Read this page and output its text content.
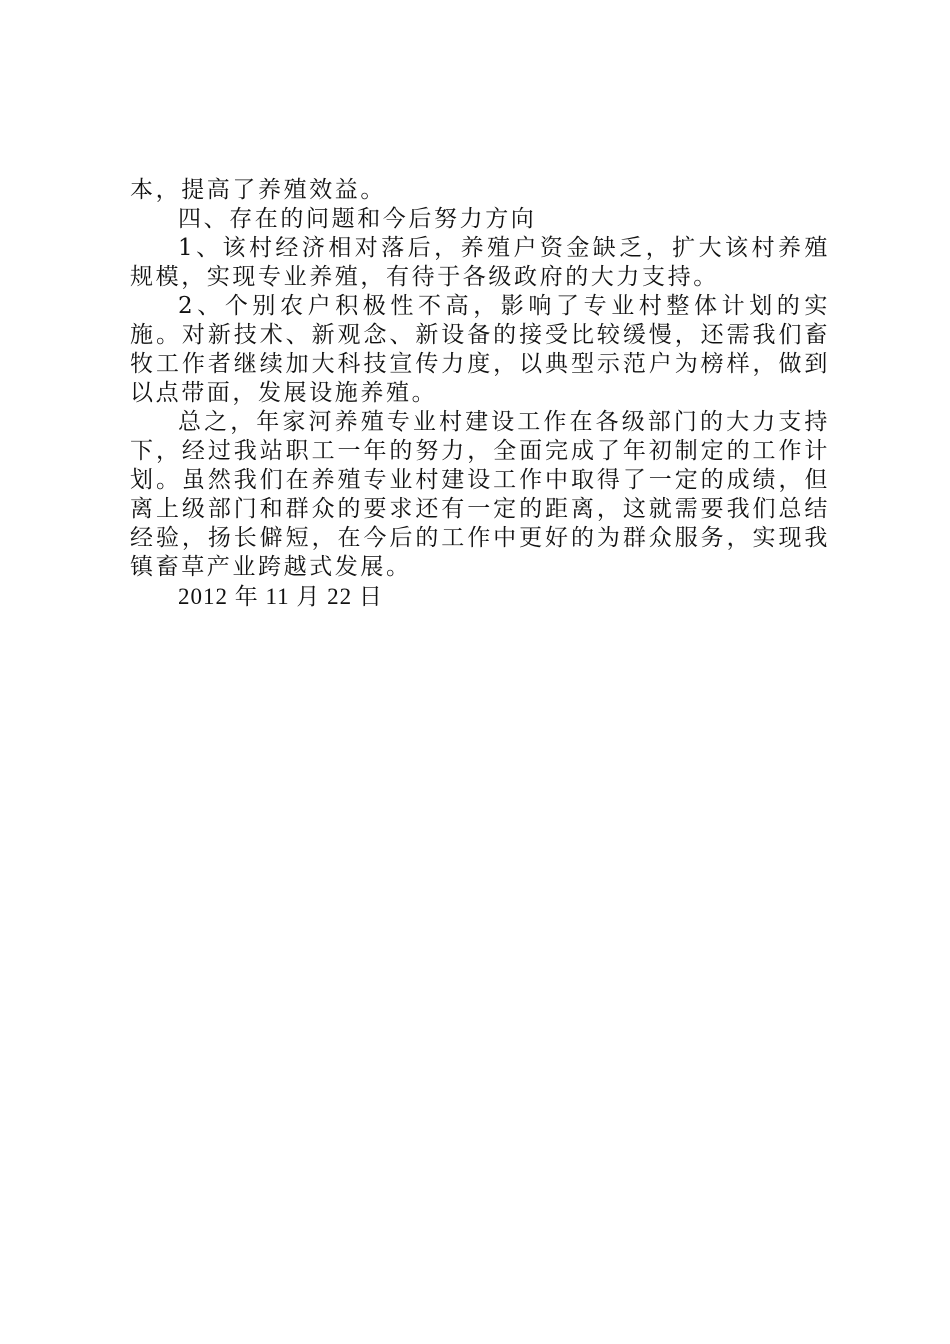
本，提高了养殖效益。

四、存在的问题和今后努力方向

1、该村经济相对落后，养殖户资金缺乏，扩大该村养殖规模，实现专业养殖，有待于各级政府的大力支持。

2、个别农户积极性不高，影响了专业村整体计划的实施。对新技术、新观念、新设备的接受比较缓慢，还需我们畜牧工作者继续加大科技宣传力度，以典型示范户为榜样，做到以点带面，发展设施养殖。

总之，年家河养殖专业村建设工作在各级部门的大力支持下，经过我站职工一年的努力，全面完成了年初制定的工作计划。虽然我们在养殖专业村建设工作中取得了一定的成绩，但离上级部门和群众的要求还有一定的距离，这就需要我们总结经验，扬长僻短，在今后的工作中更好的为群众服务，实现我镇畜草产业跨越式发展。

2012 年 11 月 22 日
